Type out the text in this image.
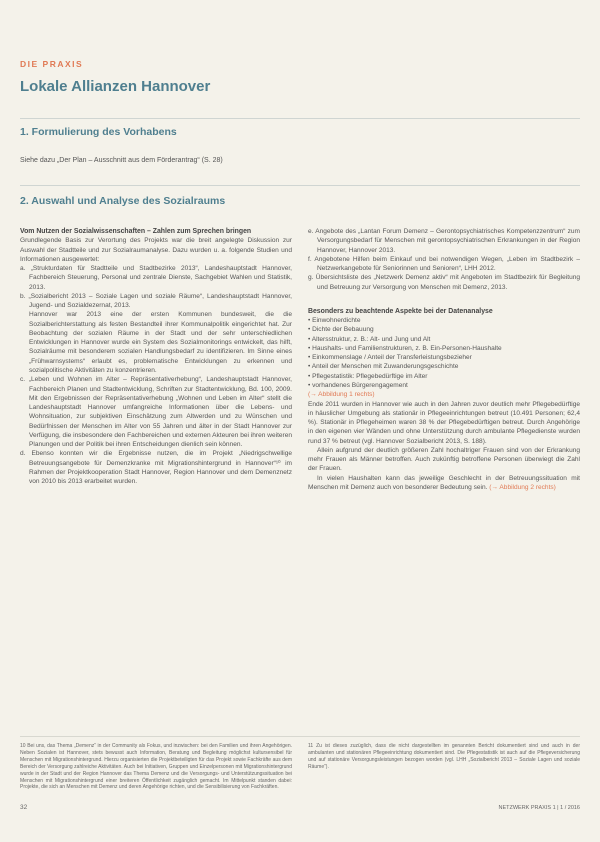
DIE PRAXIS
Lokale Allianzen Hannover
1. Formulierung des Vorhabens
Siehe dazu „Der Plan – Ausschnitt aus dem Förderantrag“ (S. 28)
2. Auswahl und Analyse des Sozialraums

Vom Nutzen der Sozialwissenschaften – Zahlen zum Sprechen bringen

Grundlegende Basis zur Verortung des Projekts war die breit angelegte Diskussion zur Auswahl der Stadtteile und zur Sozialraumanalyse. Dazu wurden u. a. folgende Studien und Informationen ausgewertet:

a. „Strukturdaten für Stadtteile und Stadtbezirke 2013“, Landeshauptstadt Hannover, Fachbereich Steuerung, Personal und zentrale Dienste, Sachgebiet Wahlen und Statistik, 2013.

b. „Sozialbericht 2013 – Soziale Lagen und soziale Räume“, Landeshauptstadt Hannover, Jugend- und Sozialdezernat, 2013.

Hannover war 2013 eine der ersten Kommunen bundesweit, die die Sozialberichterstattung als festen Bestandteil ihrer Kommunalpolitik eingerichtet hat. Zur Beobachtung der sozialen Räume in der Stadt und der sehr unterschiedlichen Entwicklungen in Hannover wurde ein System des Sozialmonitorings entwickelt, das hilft, Sozialräume mit besonderem sozialen Handlungsbedarf zu identifizieren. Im Sinne eines „Frühwarnsystems“ erlaubt es, problematische Entwicklungen zu erkennen und sozialpolitische Aktivitäten zu konzentrieren.

c. „Leben und Wohnen im Alter – Repräsentativerhebung“, Landeshauptstadt Hannover, Fachbereich Planen und Stadtentwicklung, Schriften zur Stadtentwicklung, Bd. 100, 2009. Mit den Ergebnissen der Repräsentativerhebung „Wohnen und Leben im Alter“ stellt die Landeshauptstadt Hannover umfangreiche Informationen über die Lebens- und Wohnsituation, zur subjektiven Einschätzung zum Altwerden und zu Wünschen und Bedürfnissen der Menschen im Alter von 55 Jahren und älter in der Stadt Hannover zur Verfügung, die insbesondere den Fachbereichen und externen Akteuren bei ihren weiteren Planungen und der Politik bei ihren Entscheidungen dienlich sein können.

d. Ebenso konnten wir die Ergebnisse nutzen, die im Projekt „Niedrigschwellige Betreuungsangebote für Demenzkranke mit Migrationshintergrund in Hannover“¹⁰ im Rahmen der Projektkooperation Stadt Hannover, Region Hannover und dem Demenznetz von 2010 bis 2013 erarbeitet wurden.

e. Angebote des „Lantan Forum Demenz – Gerontopsychiatrisches Kompetenzzentrum“ zum Versorgungsbedarf für Menschen mit gerontopsychiatrischen Erkrankungen in der Region Hannover, Hannover 2013.

f. Angebotene Hilfen beim Einkauf und bei notwendigen Wegen, „Leben im Stadtbezirk – Netzwerkangebote für Seniorinnen und Senioren“, LHH 2012.

g. Übersichtsliste des „Netzwerk Demenz aktiv“ mit Angeboten im Stadtbezirk für Begleitung und Betreuung zur Versorgung von Menschen mit Demenz, 2013.

Besonders zu beachtende Aspekte bei der Datenanalyse

• Einwohnerdichte

• Dichte der Bebauung

• Altersstruktur, z. B.: Alt- und Jung und Alt

• Haushalts- und Familienstrukturen, z. B. Ein-Personen-Haushalte

• Einkommenslage / Anteil der Transferleistungsbezieher

• Anteil der Menschen mit Zuwanderungsgeschichte

• Pflegestatistik: Pflegebedürftige im Alter

• vorhandenes Bürgerengagement

(→ Abbildung 1 rechts)

Ende 2011 wurden in Hannover wie auch in den Jahren zuvor deutlich mehr Pflegebedürftige in häuslicher Umgebung als stationär in Pflegeeinrichtungen betreut (10.491 Personen; 62,4 %). Stationär in Pflegeheimen waren 38 % der Pflegebedürftigen betreut. Durch Angehörige in den eigenen vier Wänden und ohne Unterstützung durch ambulante Pflegedienste wurden rund 37 % betreut (vgl. Hannover Sozialbericht 2013, S. 188).

Allein aufgrund der deutlich größeren Zahl hochaltriger Frauen sind von der Erkrankung mehr Frauen als Männer betroffen. Auch zukünftig betroffene Personen überwiegt die Zahl der Frauen.

In vielen Haushalten kann das jeweilige Geschlecht in der Betreuungssituation mit Menschen mit Demenz auch von besonderer Bedeutung sein. (→ Abbildung 2 rechts)

10 Bei uns, das Thema „Demenz“ in der Community als Fokus, und inzwischen: bei den Familien und ihren Angehörigen. Neben Sozialen ist Hannover, stets bewusst auch Information, Beratung und Begleitung möglichst kultursensibel für Menschen mit Migrationshintergrund. Hierzu organisierten die Projektbeteiligten für das Projekt sowie Fachkräfte aus dem Bereich der Versorgung zahlreiche Aktivitäten. Auch bei Initiativen, Gruppen und Einzelpersonen mit Migrationshintergrund wurde in der Stadt und der Region Hannover das Thema Demenz und die Versorgungs- und Unterstützungssituation bei Menschen mit Migrationshintergrund einer breiteren Öffentlichkeit zugänglich gemacht. Im Mittelpunkt standen dabei: Projekte, die sich an Menschen mit Demenz und deren Angehörige richten, und die Sensibilisierung von Fachkräften.

11 Zu ist dieses zuzüglich, dass die nicht dargestellten im genannten Bericht dokumentiert sind und auch in der ambulanten und stationären Pflegeeinrichtung dokumentiert sind. Die Pflegestatistik ist auch auf die Pflegeversicherung und auf stationäre Versorgungsleistungen bezogen worden (vgl. LHH „Sozialbericht 2013 – Soziale Lagen und soziale Räume“).

32	NETZWERK PRAXIS 1 | 1 / 2016
